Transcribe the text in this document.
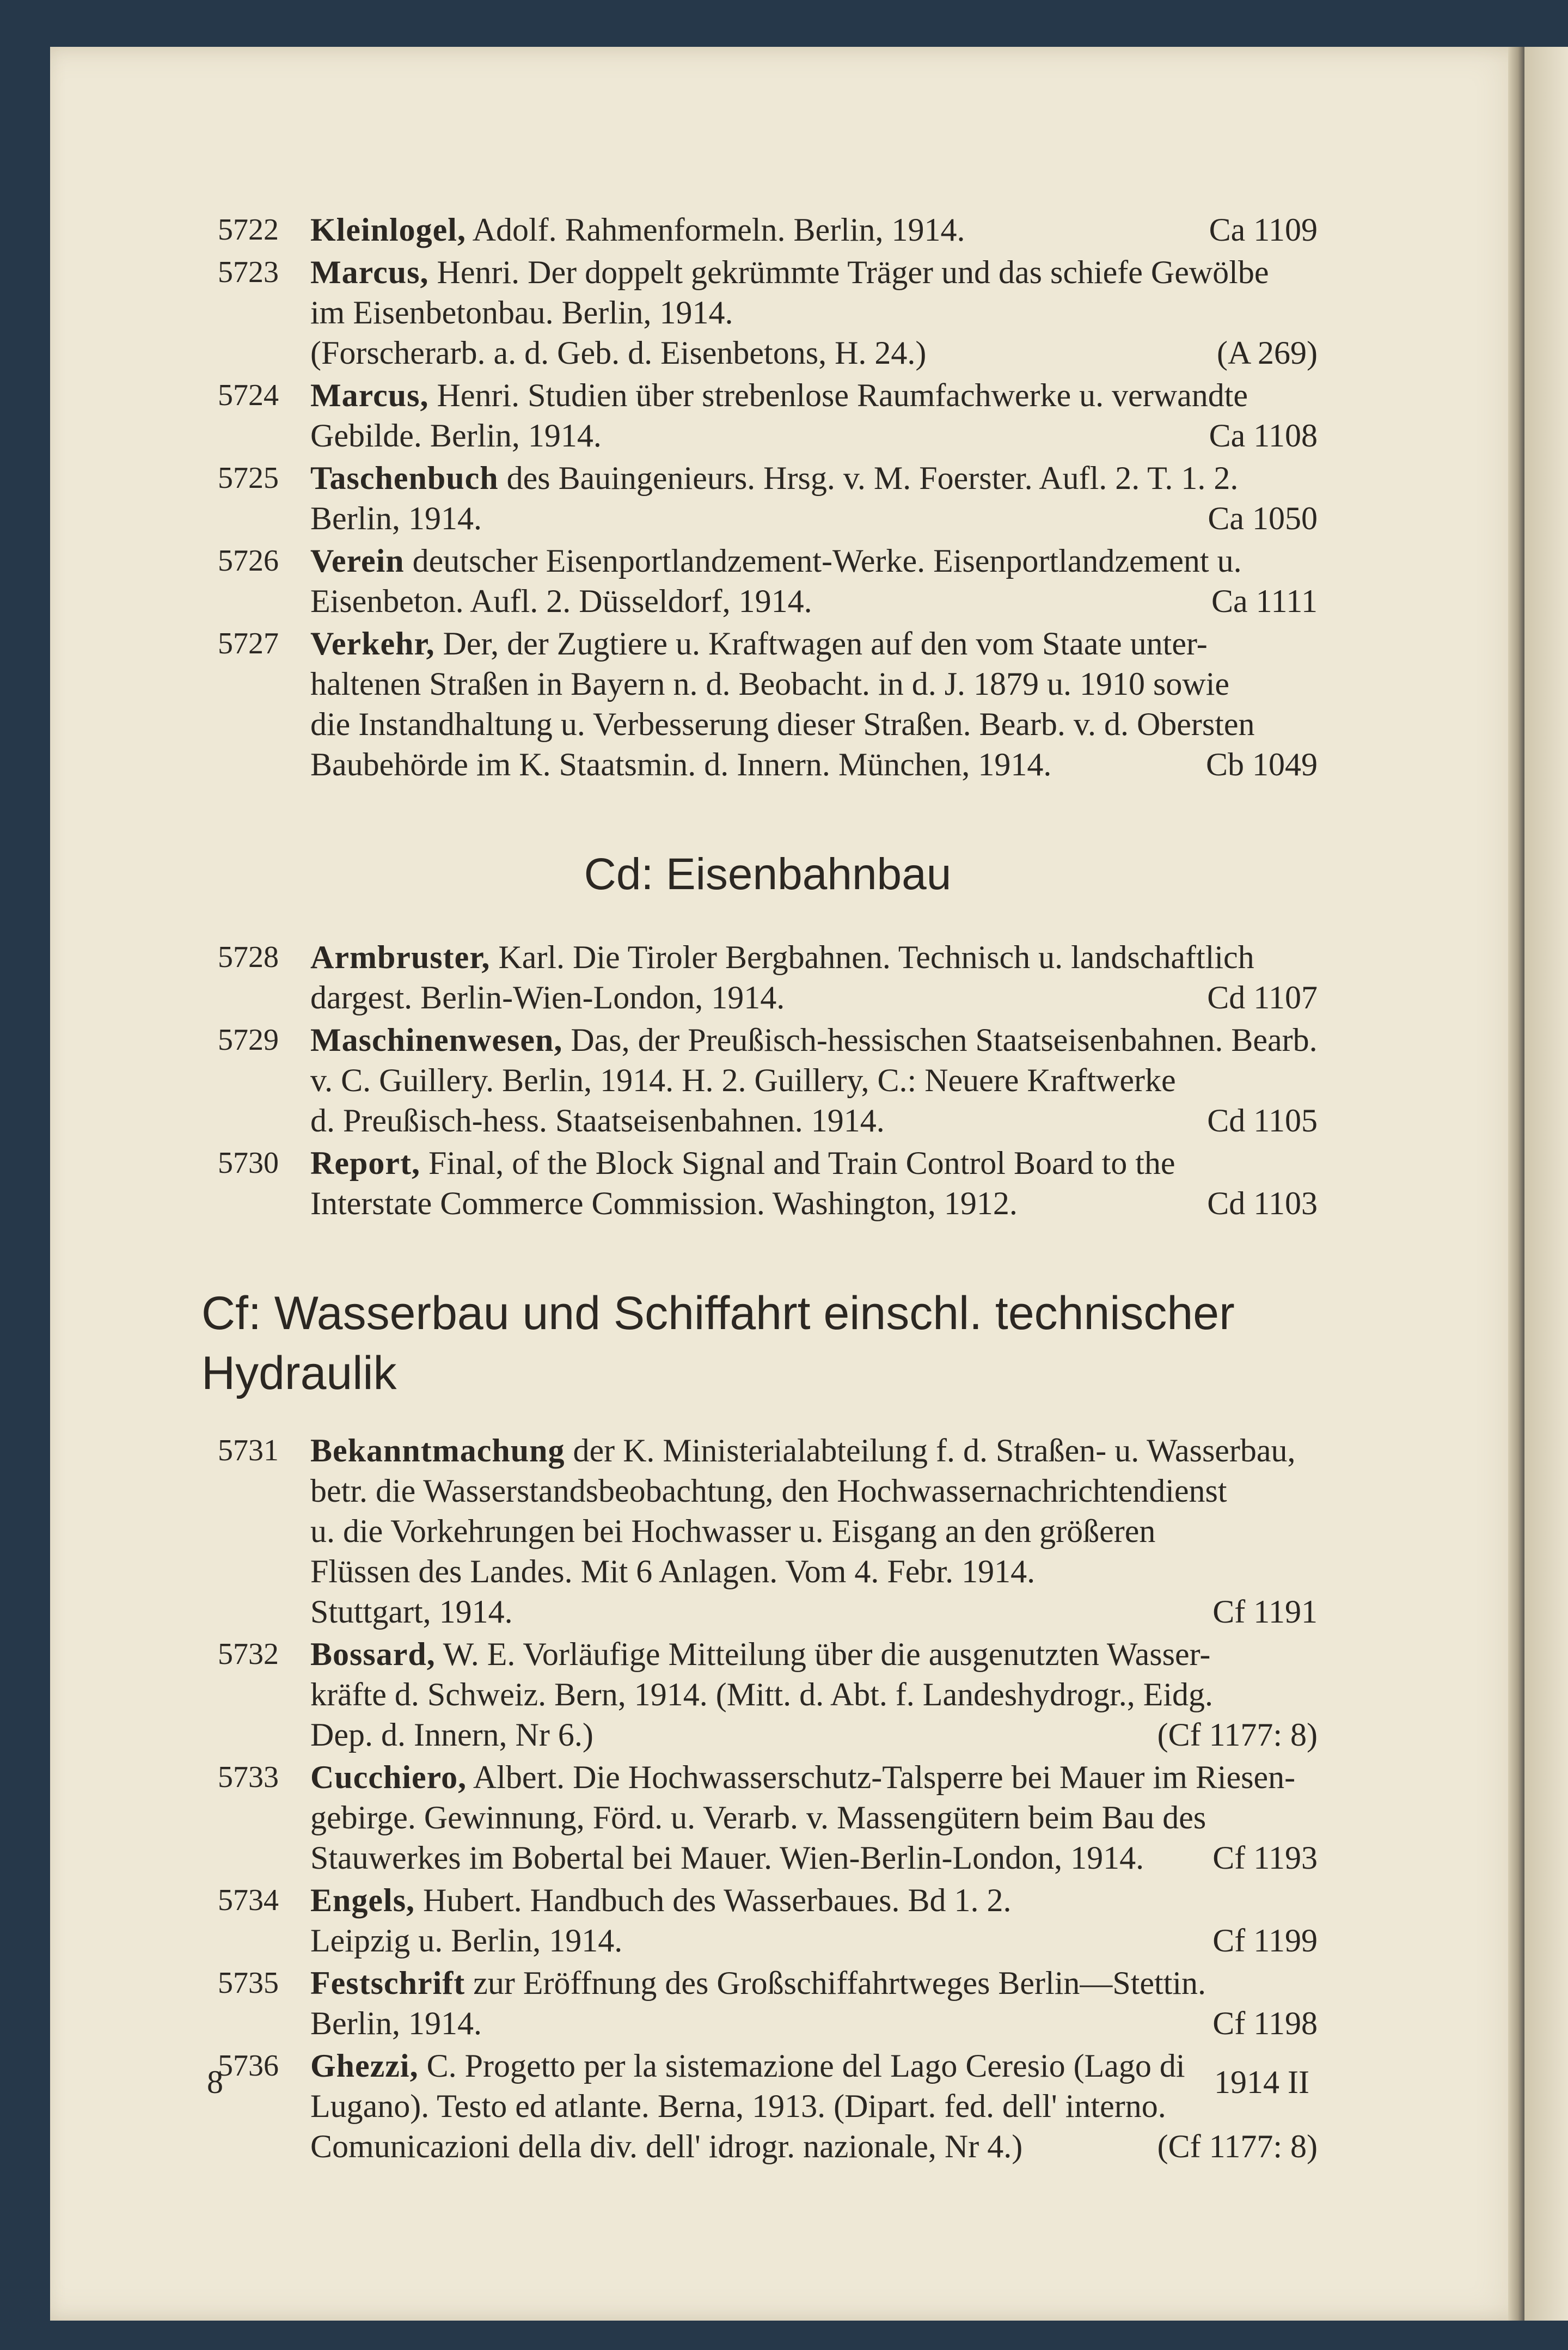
5722 Kleinlogel,	Ca 1109
Adolf. Rahmenformeln. Berlin, 1914.
5723 Marcus, Henri. Der doppelt gekrümmte Träger und das schiefe Gewölbe
im Eisenbetonbau. Berlin, 1914.
(A 269)
(Forscherarb. a. d. Geb. d. Eisenbetons, H. 24.)
5724 Marcus, Henri. Studien über strebenlose Raumfachwerke u. verwandte
Ca 1108
Gebilde. Berlin, 1914.
5725 Taschenbuch des Bauingenieurs. Hrsg. v. M. Foerster. Aufl. 2. T. 1. 2.
Ca 1050
Berlin, 1914.
5726 Verein deutscher Eisenportlandzement-Werke. Eisenportlandzement u.
Ca 1111
Eisenbeton. Aufl. 2. Düsseldorf, 1914.
5727 Verkehr, Der, der Zugtiere u. Kraftwagen auf den vom Staate unter-
haltenen Straßen in Bayern n. d. Beobacht. in d. J. 1879 u. 1910 sowie
die Instandhaltung u. Verbesserung dieser Straßen. Bearb. v. d. Obersten
Cb 1049
Baubehörde im K. Staatsmin. d. Innern. München, 1914.
Cd: Eisenbahnbau
5728 Armbruster, Karl. Die Tiroler Bergbahnen. Technisch u. landschaftlich
Cd 1107
dargest. Berlin-Wien-London, 1914.
5729 Maschinenwesen, Das, der Preußisch-hessischen Staatseisenbahnen. Bearb.
v. C. Guillery. Berlin, 1914. H. 2. Guillery, C.: Neuere Kraftwerke
Cd 1105
d. Preußisch-hess. Staatseisenbahnen. 1914.
5730 Report, Final, of the Block Signal and Train Control Board to the
Cd 1103
Interstate Commerce Commission. Washington, 1912.
Cf: Wasserbau und Schiffahrt einschl. technischer Hydraulik
5731 Bekanntmachung der K. Ministerialabteilung f. d. Straßen- u. Wasserbau,
betr. die Wasserstandsbeobachtung, den Hochwassernachrichtendienst
u. die Vorkehrungen bei Hochwasser u. Eisgang an den größeren
Flüssen des Landes. Mit 6 Anlagen. Vom 4. Febr. 1914.
Cf 1191
Stuttgart, 1914.
5732 Bossard, W. E. Vorläufige Mitteilung über die ausgenutzten Wasser-
kräfte d. Schweiz. Bern, 1914. (Mitt. d. Abt. f. Landeshydrogr., Eidg.
(Cf 1177: 8)
Dep. d. Innern, Nr 6.)
5733 Cucchiero, Albert. Die Hochwasserschutz-Talsperre bei Mauer im Riesen-
gebirge. Gewinnung, Förd. u. Verarb. v. Massengütern beim Bau des
Cf 1193
Stauwerkes im Bobertal bei Mauer. Wien-Berlin-London, 1914.
5734 Engels, Hubert. Handbuch des Wasserbaues. Bd 1. 2.
Cf 1199
Leipzig u. Berlin, 1914.
5735 Festschrift zur Eröffnung des Großschiffahrtweges Berlin—Stettin.
Cf 1198
Berlin, 1914.
5736 Ghezzi, C. Progetto per la sistemazione del Lago Ceresio (Lago di
Lugano). Testo ed atlante. Berna, 1913. (Dipart. fed. dell' interno.
(Cf 1177: 8)
Comunicazioni della div. dell' idrogr. nazionale, Nr 4.)
8	1914 II
